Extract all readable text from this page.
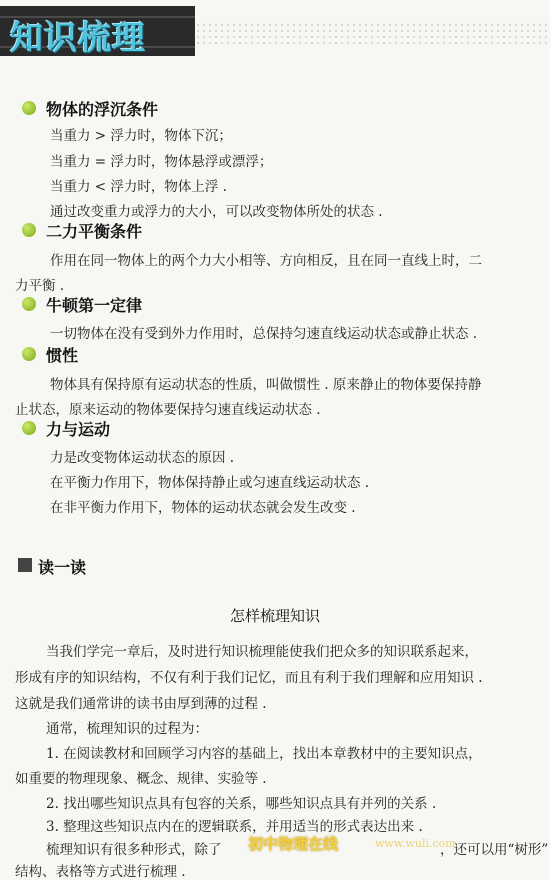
知识梳理
物体的浮沉条件
当重力 > 浮力时，物体下沉；
当重力 = 浮力时，物体悬浮或漂浮；
当重力 < 浮力时，物体上浮 .
通过改变重力或浮力的大小，可以改变物体所处的状态 .
二力平衡条件
作用在同一物体上的两个力大小相等、方向相反，且在同一直线上时，二
力平衡 .
牛顿第一定律
一切物体在没有受到外力作用时，总保持匀速直线运动状态或静止状态 .
惯性
物体具有保持原有运动状态的性质，叫做惯性 . 原来静止的物体要保持静
止状态，原来运动的物体要保持匀速直线运动状态 .
力与运动
力是改变物体运动状态的原因 .
在平衡力作用下，物体保持静止或匀速直线运动状态 .
在非平衡力作用下，物体的运动状态就会发生改变 .
读一读
怎样梳理知识
当我们学完一章后，及时进行知识梳理能使我们把众多的知识联系起来，
形成有序的知识结构，不仅有利于我们记忆，而且有利于我们理解和应用知识 .
这就是我们通常讲的读书由厚到薄的过程 .
通常，梳理知识的过程为：
1. 在阅读教材和回顾学习内容的基础上，找出本章教材中的主要知识点，
如重要的物理现象、概念、规律、实验等 .
2. 找出哪些知识点具有包容的关系，哪些知识点具有并列的关系 .
3. 整理这些知识点内在的逻辑联系，并用适当的形式表达出来 .
梳理知识有很多种形式，除了	，还可以用“树形”
结构、表格等方式进行梳理 .
初中物理在线	www.wuli.com
